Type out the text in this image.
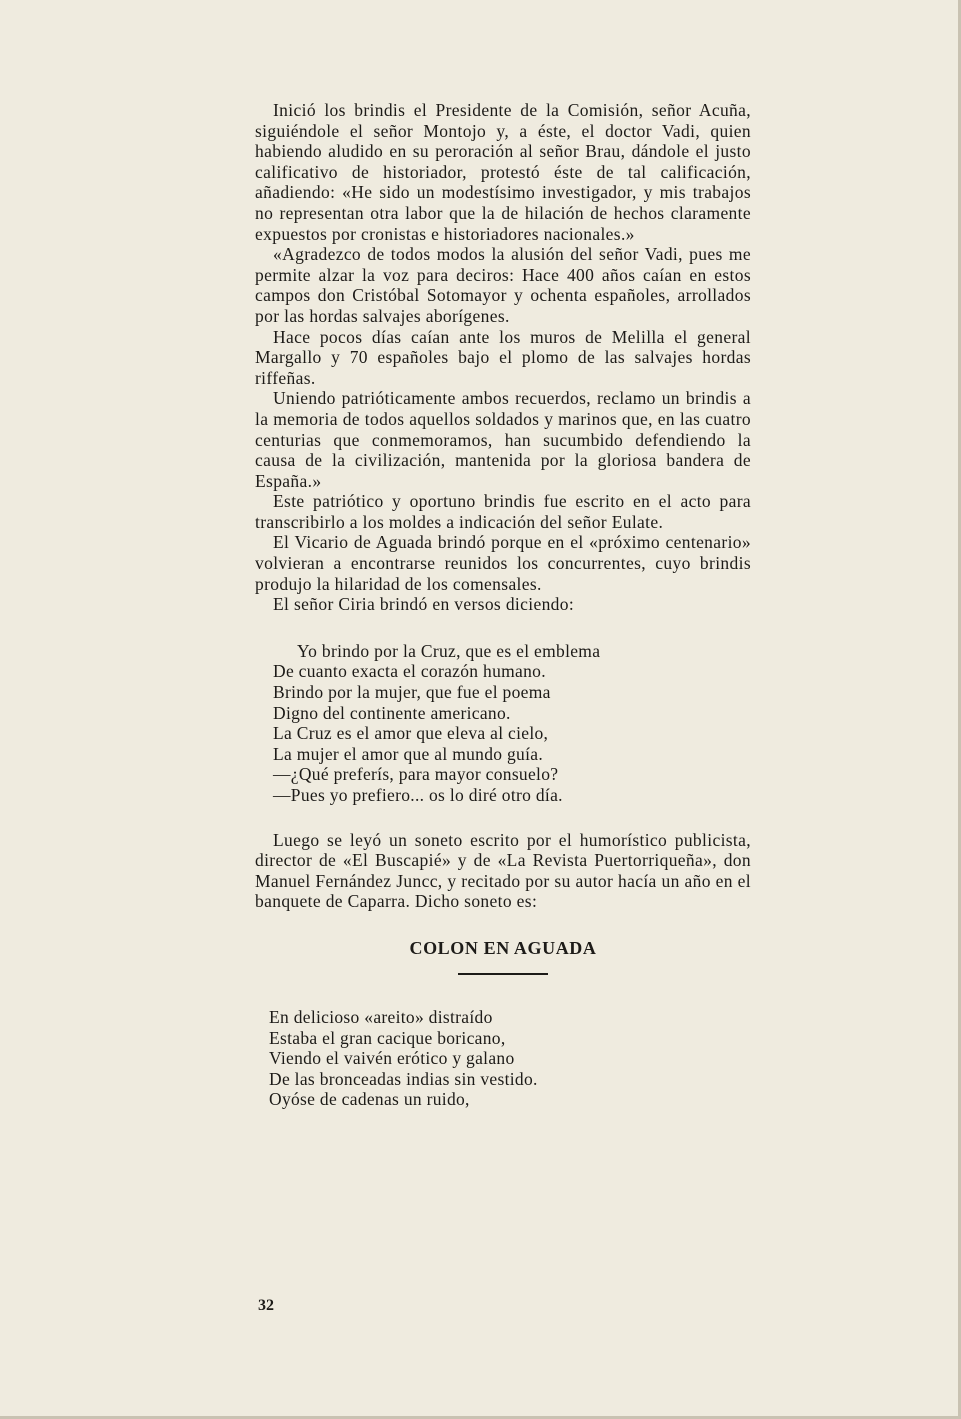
Inició los brindis el Presidente de la Comisión, señor Acuña, siguiéndole el señor Montojo y, a éste, el doctor Vadi, quien habiendo aludido en su peroración al señor Brau, dándole el justo calificativo de historiador, protestó éste de tal calificación, añadiendo: «He sido un modestísimo investigador, y mis trabajos no representan otra labor que la de hilación de hechos claramente expuestos por cronistas e historiadores nacionales.»

«Agradezco de todos modos la alusión del señor Vadi, pues me permite alzar la voz para deciros: Hace 400 años caían en estos campos don Cristóbal Sotomayor y ochenta españoles, arrollados por las hordas salvajes aborígenes.

Hace pocos días caían ante los muros de Melilla el general Margallo y 70 españoles bajo el plomo de las salvajes hordas riffeñas.

Uniendo patrióticamente ambos recuerdos, reclamo un brindis a la memoria de todos aquellos soldados y marinos que, en las cuatro centurias que conmemoramos, han sucumbido defendiendo la causa de la civilización, mantenida por la gloriosa bandera de España.»

Este patriótico y oportuno brindis fue escrito en el acto para transcribirlo a los moldes a indicación del señor Eulate.

El Vicario de Aguada brindó porque en el «próximo centenario» volvieran a encontrarse reunidos los concurrentes, cuyo brindis produjo la hilaridad de los comensales.

El señor Ciria brindó en versos diciendo:

Yo brindo por la Cruz, que es el emblema
De cuanto exacta el corazón humano.
Brindo por la mujer, que fue el poema
Digno del continente americano.
La Cruz es el amor que eleva al cielo,
La mujer el amor que al mundo guía.
—¿Qué preferís, para mayor consuelo?
—Pues yo prefiero... os lo diré otro día.

Luego se leyó un soneto escrito por el humorístico publicista, director de «El Buscapié» y de «La Revista Puertorriqueña», don Manuel Fernández Juncc, y recitado por su autor hacía un año en el banquete de Caparra. Dicho soneto es:

COLON EN AGUADA
En delicioso «areito» distraído
Estaba el gran cacique boricano,
Viendo el vaivén erótico y galano
De las bronceadas indias sin vestido.
Oyóse de cadenas un ruido,
32
